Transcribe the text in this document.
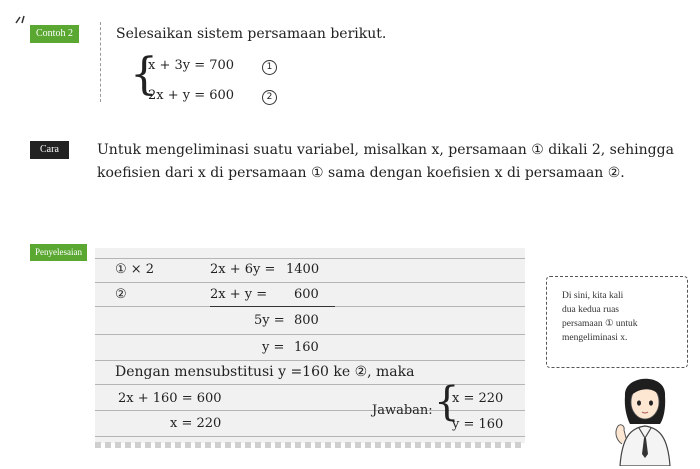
Contoh 2	Selesaikan sistem persamaan berikut.
{
x + 3y = 700	1
2x + y = 600	2
Cara	Untuk mengeliminasi suatu variabel, misalkan x, persamaan ① dikali 2, sehingga
koefisien dari x di persamaan ① sama dengan koefisien x di persamaan ②.
Penyelesaian
① × 2	2x + 6y = 1400
②	2x + y = 600
5y = 800
y = 160
Dengan mensubstitusi y =160 ke ②, maka
2x + 160 = 600
x = 220
Jawaban: {
x = 220
y = 160
Di sini, kita kali
dua kedua ruas
persamaan ① untuk
mengeliminasi x.
